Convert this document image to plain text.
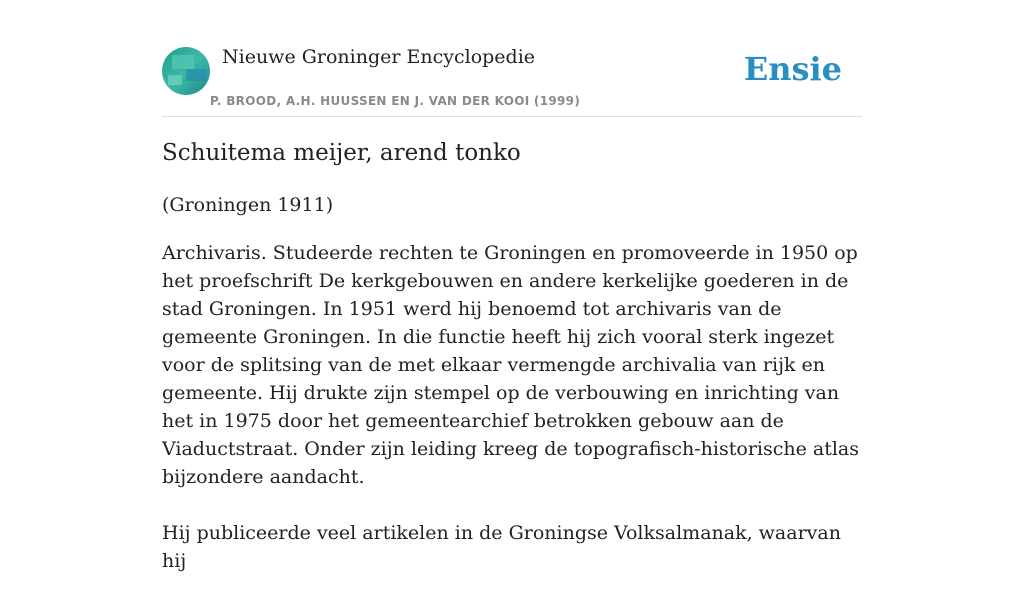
Nieuwe Groninger Encyclopedie
P. BROOD, A.H. HUUSSEN EN J. VAN DER KOOI (1999)
Ensie
Schuitema meijer, arend tonko
(Groningen 1911)

Archivaris. Studeerde rechten te Groningen en promoveerde in 1950 op het proefschrift De kerkgebouwen en andere kerkelijke goederen in de stad Groningen. In 1951 werd hij benoemd tot archivaris van de gemeente Groningen. In die functie heeft hij zich vooral sterk ingezet voor de splitsing van de met elkaar vermengde archivalia van rijk en gemeente. Hij drukte zijn stempel op de verbouwing en inrichting van het in 1975 door het gemeentearchief betrokken gebouw aan de Viaductstraat. Onder zijn leiding kreeg de topografisch-historische atlas bijzondere aandacht.

Hij publiceerde veel artikelen in de Groningse Volksalmanak, waarvan hij
